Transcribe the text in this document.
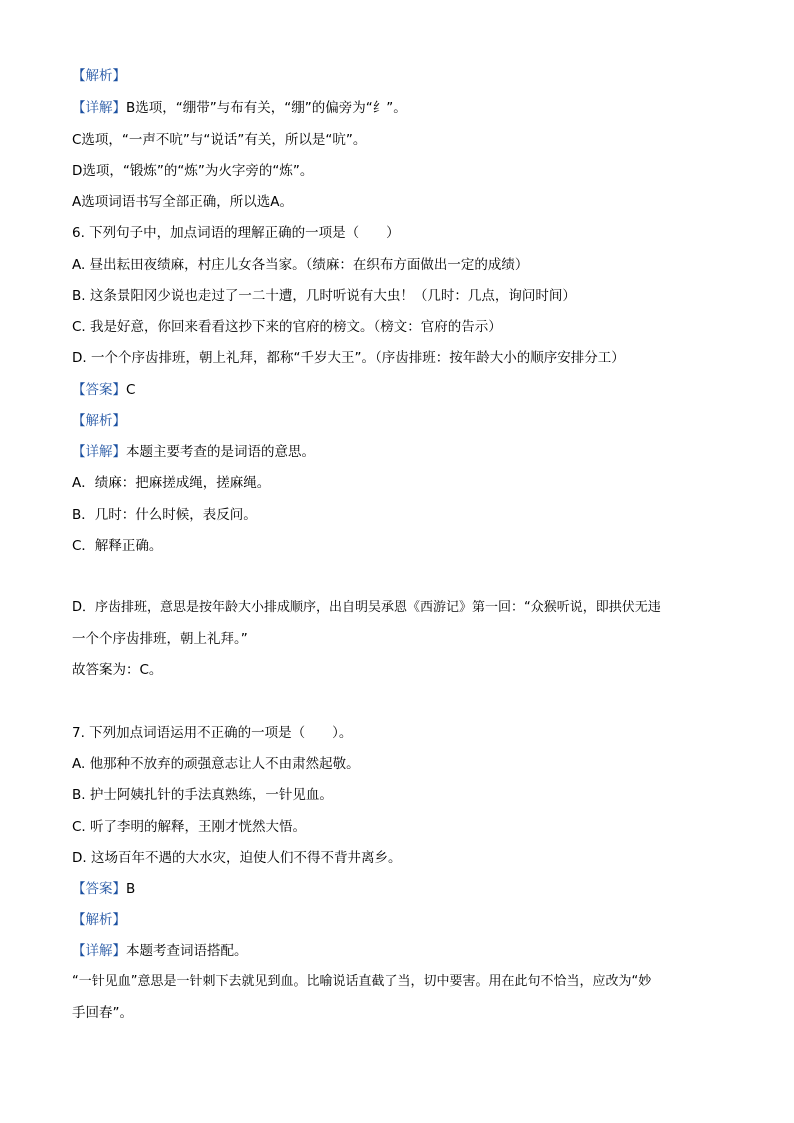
【解析】
【详解】B选项，“绷带”与布有关，“绷”的偏旁为“纟”。
C选项，“一声不吭”与“说话”有关，所以是“吭”。
D选项，“锻炼”的“炼”为火字旁的“炼”。
A选项词语书写全部正确，所以选A。
6. 下列句子中，加点词语的理解正确的一项是（　　）
A. 昼出耘田夜绩麻，村庄儿女各当家。（绩麻：在织布方面做出一定的成绩）
B. 这条景阳冈少说也走过了一二十遭，几时听说有大虫！（几时：几点，询问时间）
C. 我是好意，你回来看看这抄下来的官府的榜文。（榜文：官府的告示）
D. 一个个序齿排班，朝上礼拜，都称“千岁大王”。（序齿排班：按年龄大小的顺序安排分工）
【答案】C
【解析】
【详解】本题主要考查的是词语的意思。
A．绩麻：把麻搓成绳，搓麻绳。
B．几时：什么时候，表反问。
C．解释正确。
D．序齿排班，意思是按年龄大小排成顺序，出自明吴承恩《西游记》第一回：“众猴听说，即拱伏无违
一个个序齿排班，朝上礼拜。”
故答案为：C。
7. 下列加点词语运用不正确的一项是（　　）。
A. 他那种不放弃的顽强意志让人不由肃然起敬。
B. 护士阿姨扎针的手法真熟练，一针见血。
C. 听了李明的解释，王刚才恍然大悟。
D. 这场百年不遇的大水灾，迫使人们不得不背井离乡。
【答案】B
【解析】
【详解】本题考查词语搭配。
“一针见血”意思是一针刺下去就见到血。比喻说话直截了当，切中要害。用在此句不恰当，应改为“妙
手回春”。
